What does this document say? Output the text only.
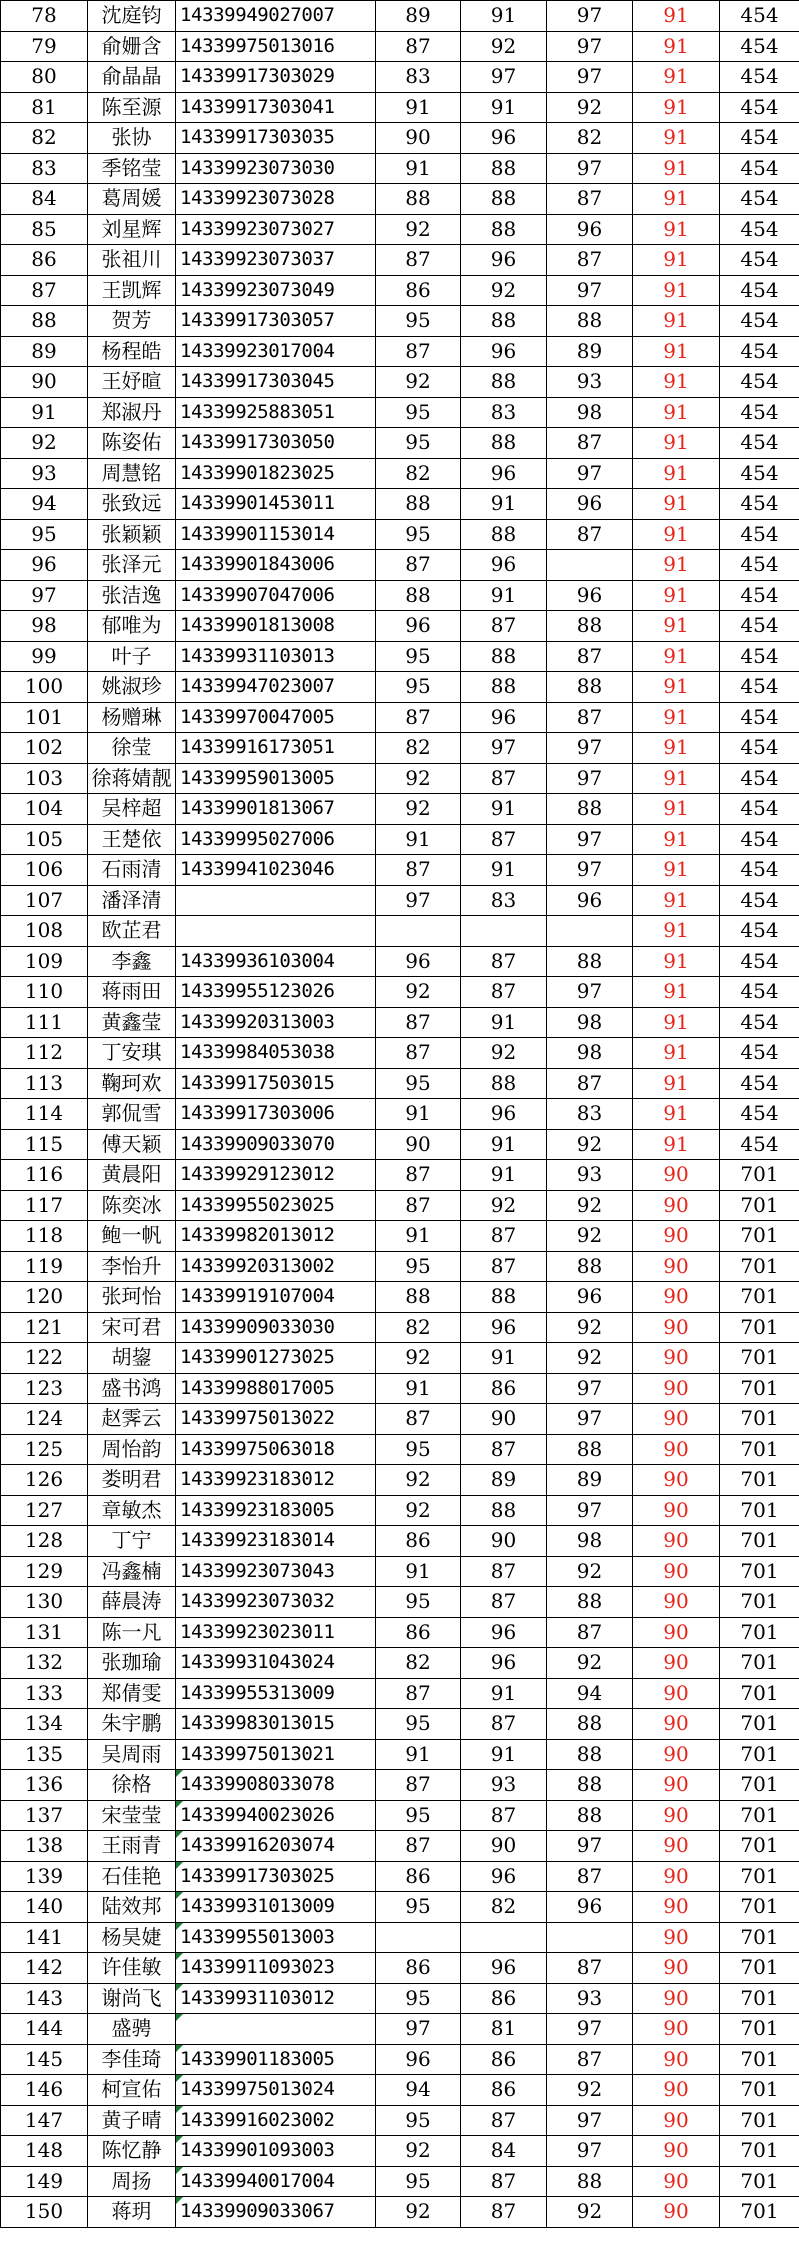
78	沈庭钧	14339949027007	89	91	97	91	454
79	俞姗含	14339975013016	87	92	97	91	454
80	俞晶晶	14339917303029	83	97	97	91	454
81	陈至源	14339917303041	91	91	92	91	454
82	张协	14339917303035	90	96	82	91	454
83	季铭莹	14339923073030	91	88	97	91	454
84	葛周媛	14339923073028	88	88	87	91	454
85	刘星辉	14339923073027	92	88	96	91	454
86	张祖川	14339923073037	87	96	87	91	454
87	王凯辉	14339923073049	86	92	97	91	454
88	贺芳	14339917303057	95	88	88	91	454
89	杨程皓	14339923017004	87	96	89	91	454
90	王妤暄	14339917303045	92	88	93	91	454
91	郑淑丹	14339925883051	95	83	98	91	454
92	陈姿佑	14339917303050	95	88	87	91	454
93	周慧铭	14339901823025	82	96	97	91	454
94	张致远	14339901453011	88	91	96	91	454
95	张颖颖	14339901153014	95	88	87	91	454
96	张泽元	14339901843006	87	96		91	454
97	张洁逸	14339907047006	88	91	96	91	454
98	郁唯为	14339901813008	96	87	88	91	454
99	叶子	14339931103013	95	88	87	91	454
100	姚淑珍	14339947023007	95	88	88	91	454
101	杨赠琳	14339970047005	87	96	87	91	454
102	徐莹	14339916173051	82	97	97	91	454
103	徐蒋婧靓	14339959013005	92	87	97	91	454
104	吴梓超	14339901813067	92	91	88	91	454
105	王楚依	14339995027006	91	87	97	91	454
106	石雨清	14339941023046	87	91	97	91	454
107	潘泽清		97	83	96	91	454
108	欧芷君					91	454
109	李鑫	14339936103004	96	87	88	91	454
110	蒋雨田	14339955123026	92	87	97	91	454
111	黄鑫莹	14339920313003	87	91	98	91	454
112	丁安琪	14339984053038	87	92	98	91	454
113	鞠珂欢	14339917503015	95	88	87	91	454
114	郭侃雪	14339917303006	91	96	83	91	454
115	傅天颖	14339909033070	90	91	92	91	454
116	黄晨阳	14339929123012	87	91	93	90	701
117	陈奕冰	14339955023025	87	92	92	90	701
118	鲍一帆	14339982013012	91	87	92	90	701
119	李怡升	14339920313002	95	87	88	90	701
120	张珂怡	14339919107004	88	88	96	90	701
121	宋可君	14339909033030	82	96	92	90	701
122	胡鋆	14339901273025	92	91	92	90	701
123	盛书鸿	14339988017005	91	86	97	90	701
124	赵霁云	14339975013022	87	90	97	90	701
125	周怡韵	14339975063018	95	87	88	90	701
126	娄明君	14339923183012	92	89	89	90	701
127	章敏杰	14339923183005	92	88	97	90	701
128	丁宁	14339923183014	86	90	98	90	701
129	冯鑫楠	14339923073043	91	87	92	90	701
130	薛晨涛	14339923073032	95	87	88	90	701
131	陈一凡	14339923023011	86	96	87	90	701
132	张珈瑜	14339931043024	82	96	92	90	701
133	郑倩雯	14339955313009	87	91	94	90	701
134	朱宇鹏	14339983013015	95	87	88	90	701
135	吴周雨	14339975013021	91	91	88	90	701
136	徐格	14339908033078	87	93	88	90	701
137	宋莹莹	14339940023026	95	87	88	90	701
138	王雨青	14339916203074	87	90	97	90	701
139	石佳艳	14339917303025	86	96	87	90	701
140	陆效邦	14339931013009	95	82	96	90	701
141	杨昊婕	14339955013003				90	701
142	许佳敏	14339911093023	86	96	87	90	701
143	谢尚飞	14339931103012	95	86	93	90	701
144	盛骋		97	81	97	90	701
145	李佳琦	14339901183005	96	86	87	90	701
146	柯宣佑	14339975013024	94	86	92	90	701
147	黄子晴	14339916023002	95	87	97	90	701
148	陈忆静	14339901093003	92	84	97	90	701
149	周扬	14339940017004	95	87	88	90	701
150	蒋玥	14339909033067	92	87	92	90	701
